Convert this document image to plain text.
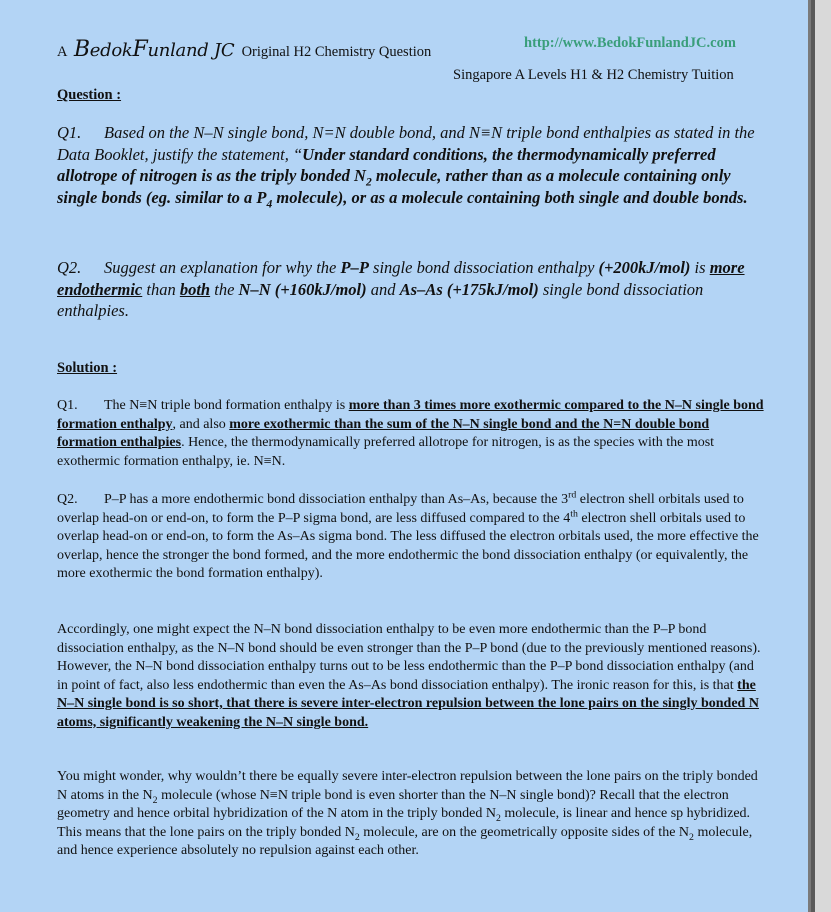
A BedokFunland JC Original H2 Chemistry Question
http://www.BedokFunlandJC.com
Singapore A Levels H1 & H2 Chemistry Tuition
Question :
Q1. Based on the N–N single bond, N=N double bond, and N≡N triple bond enthalpies as stated in the Data Booklet, justify the statement, “Under standard conditions, the thermodynamically preferred allotrope of nitrogen is as the triply bonded $N_2$ molecule, rather than as a molecule containing only single bonds (eg. similar to a $P_4$ molecule), or as a molecule containing both single and double bonds.
Q2. Suggest an explanation for why the P–P single bond dissociation enthalpy (+200kJ/mol) is more endothermic than both the N–N (+160kJ/mol) and As–As (+175kJ/mol) single bond dissociation enthalpies.
Solution :
Q1. The N≡N triple bond formation enthalpy is more than 3 times more exothermic compared to the N–N single bond formation enthalpy, and also more exothermic than the sum of the N–N single bond and the N=N double bond formation enthalpies. Hence, the thermodynamically preferred allotrope for nitrogen, is as the species with the most exothermic formation enthalpy, ie. N≡N.
Q2. P–P has a more endothermic bond dissociation enthalpy than As–As, because the 3rd electron shell orbitals used to overlap head-on or end-on, to form the P–P sigma bond, are less diffused compared to the 4th electron shell orbitals used to overlap head-on or end-on, to form the As–As sigma bond. The less diffused the electron orbitals used, the more effective the overlap, hence the stronger the bond formed, and the more endothermic the bond dissociation enthalpy (or equivalently, the more exothermic the bond formation enthalpy).
Accordingly, one might expect the N–N bond dissociation enthalpy to be even more endothermic than the P–P bond dissociation enthalpy, as the N–N bond should be even stronger than the P–P bond (due to the previously mentioned reasons). However, the N–N bond dissociation enthalpy turns out to be less endothermic than the P–P bond dissociation enthalpy (and in point of fact, also less endothermic than even the As–As bond dissociation enthalpy). The ironic reason for this, is that the N–N single bond is so short, that there is severe inter-electron repulsion between the lone pairs on the singly bonded N atoms, significantly weakening the N–N single bond.
You might wonder, why wouldn’t there be equally severe inter-electron repulsion between the lone pairs on the triply bonded N atoms in the $N_2$ molecule (whose N≡N triple bond is even shorter than the N–N single bond)? Recall that the electron geometry and hence orbital hybridization of the N atom in the triply bonded $N_2$ molecule, is linear and hence sp hybridized. This means that the lone pairs on the triply bonded $N_2$ molecule, are on the geometrically opposite sides of the $N_2$ molecule, and hence experience absolutely no repulsion against each other.
